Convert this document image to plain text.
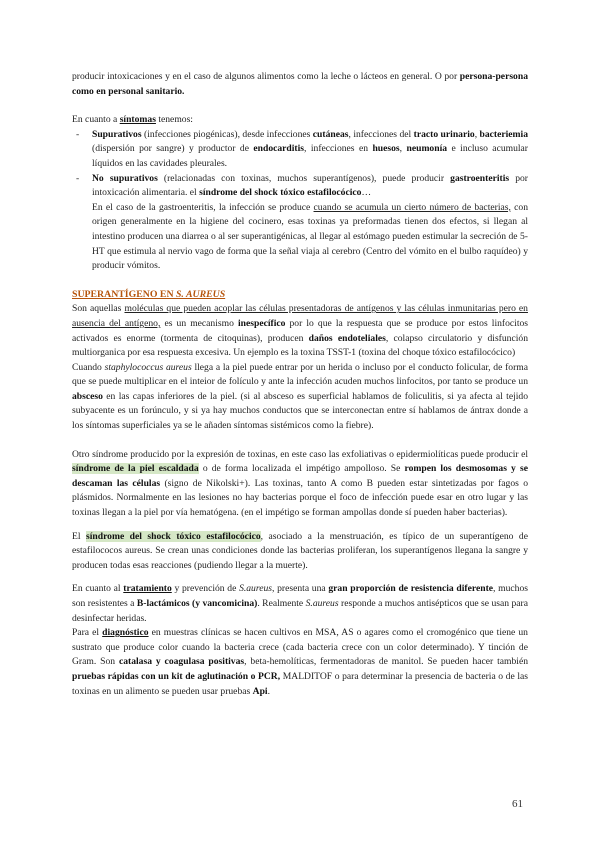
producir intoxicaciones y en el caso de algunos alimentos como la leche o lácteos en general. O por persona-persona como en personal sanitario.

En cuanto a síntomas tenemos:

- Supurativos (infecciones piogénicas), desde infecciones cutáneas, infecciones del tracto urinario, bacteriemia (dispersión por sangre) y productor de endocarditis, infecciones en huesos, neumonía e incluso acumular líquidos en las cavidades pleurales.

- No supurativos (relacionadas con toxinas, muchos superantígenos), puede producir gastroenteritis por intoxicación alimentaria. el síndrome del shock tóxico estafilocócico…

En el caso de la gastroenteritis, la infección se produce cuando se acumula un cierto número de bacterias, con origen generalmente en la higiene del cocinero, esas toxinas ya preformadas tienen dos efectos, si llegan al intestino producen una diarrea o al ser superantigénicas, al llegar al estómago pueden estimular la secreción de 5-HT que estimula al nervio vago de forma que la señal viaja al cerebro (Centro del vómito en el bulbo raquídeo) y producir vómitos.

SUPERANTÍGENO EN S. AUREUS

Son aquellas moléculas que pueden acoplar las células presentadoras de antígenos y las células inmunitarias pero en ausencia del antígeno, es un mecanismo inespecífico por lo que la respuesta que se produce por estos linfocitos activados es enorme (tormenta de citoquinas), producen daños endoteliales, colapso circulatorio y disfunción multiorganica por esa respuesta excesiva. Un ejemplo es la toxina TSST-1 (toxina del choque tóxico estafilocócico)

Cuando staphylococcus aureus llega a la piel puede entrar por un herida o incluso por el conducto folicular, de forma que se puede multiplicar en el inteior de folículo y ante la infección acuden muchos linfocitos, por tanto se produce un absceso en las capas inferiores de la piel. (si al absceso es superficial hablamos de foliculitis, si ya afecta al tejido subyacente es un forúnculo, y si ya hay muchos conductos que se interconectan entre sí hablamos de ántrax donde a los síntomas superficiales ya se le añaden síntomas sistémicos como la fiebre).

Otro síndrome producido por la expresión de toxinas, en este caso las exfoliativas o epidermiolíticas puede producir el síndrome de la piel escaldada o de forma localizada el impétigo ampolloso. Se rompen los desmosomas y se descaman las células (signo de Nikolski+). Las toxinas, tanto A como B pueden estar sintetizadas por fagos o plásmidos. Normalmente en las lesiones no hay bacterias porque el foco de infección puede esar en otro lugar y las toxinas llegan a la piel por vía hematógena. (en el impétigo se forman ampollas donde sí pueden haber bacterias).

El síndrome del shock tóxico estafilocócico, asociado a la menstruación, es típico de un superantígeno de estafilococos aureus. Se crean unas condiciones donde las bacterias proliferan, los superantígenos llegana la sangre y producen todas esas reacciones (pudiendo llegar a la muerte).

En cuanto al tratamiento y prevención de S.aureus, presenta una gran proporción de resistencia diferente, muchos son resistentes a B-lactámicos (y vancomicina). Realmente S.aureus responde a muchos antisépticos que se usan para desinfectar heridas.

Para el diagnóstico en muestras clínicas se hacen cultivos en MSA, AS o agares como el cromogénico que tiene un sustrato que produce color cuando la bacteria crece (cada bacteria crece con un color determinado). Y tinción de Gram. Son catalasa y coagulasa positivas, beta-hemolíticas, fermentadoras de manitol. Se pueden hacer también pruebas rápidas con un kit de aglutinación o PCR, MALDITOF o para determinar la presencia de bacteria o de las toxinas en un alimento se pueden usar pruebas Api.

61
